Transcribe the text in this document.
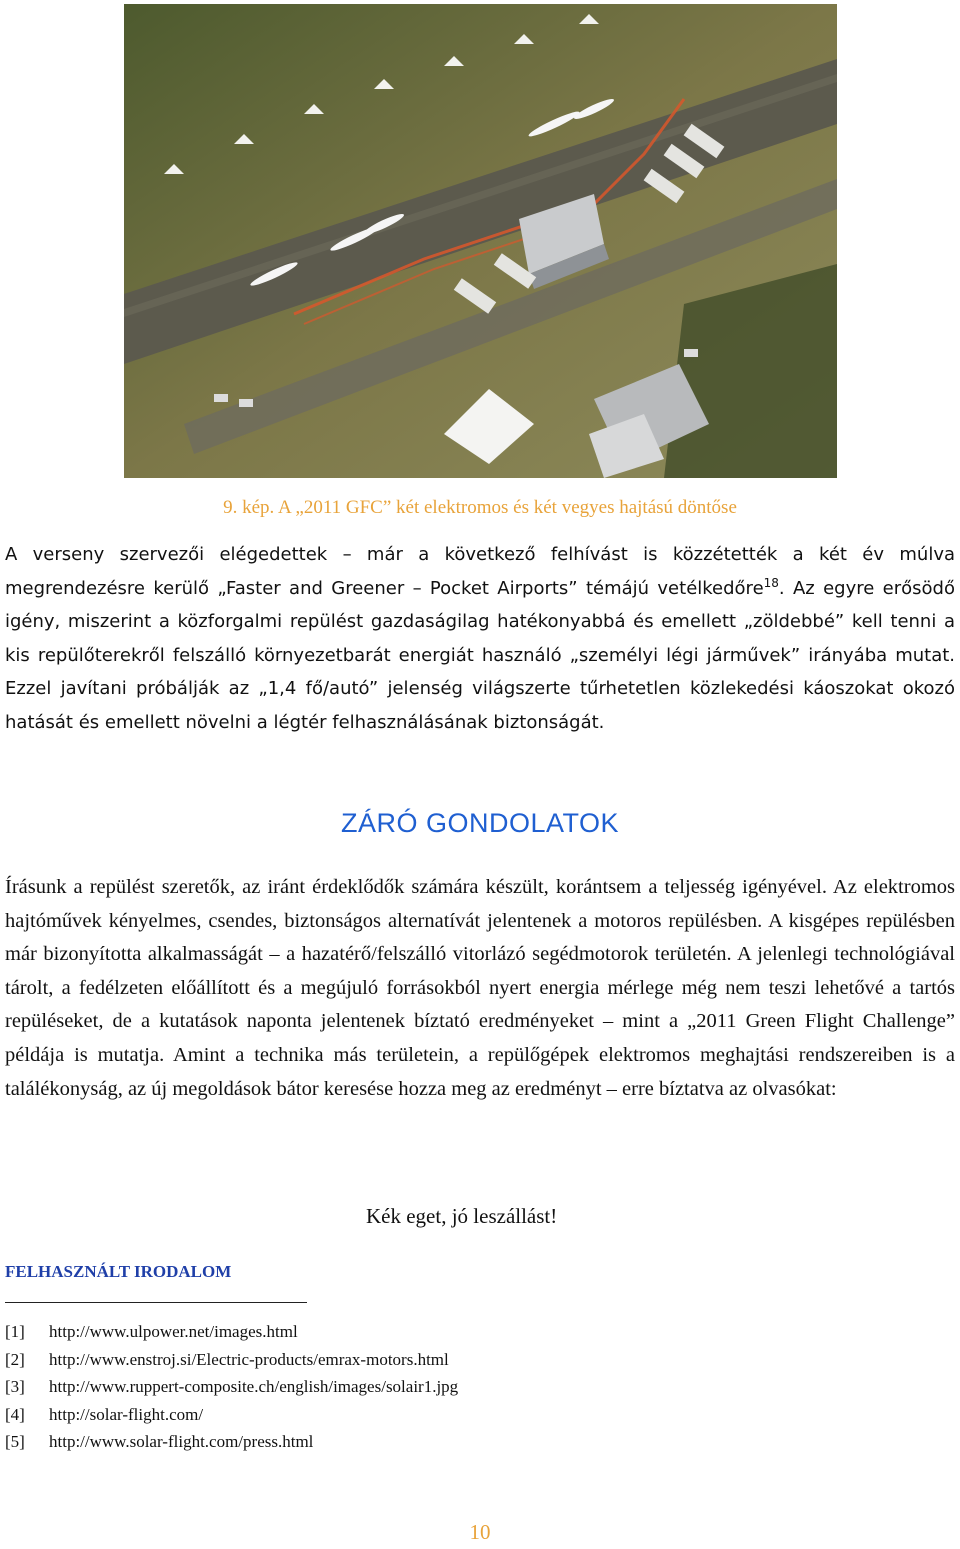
9. kép. A „2011 GFC” két elektromos és két vegyes hajtású döntőse

A verseny szervezői elégedettek – már a következő felhívást is közzétették a két év múlva megrendezésre kerülő „Faster and Greener – Pocket Airports” témájú vetélkedőre$^{18}$. Az egyre erősödő igény, miszerint a közforgalmi repülést gazdaságilag hatékonyabbá és emellett „zöldebbé” kell tenni a kis repülőterekről felszálló környezetbarát energiát használó „személyi légi járművek” irányába mutat. Ezzel javítani próbálják az „1,4 fő/autó” jelenség világszerte tűrhetetlen közlekedési káoszokat okozó hatását és emellett növelni a légtér felhasználásának biztonságát.

ZÁRÓ GONDOLATOK

Írásunk a repülést szeretők, az iránt érdeklődők számára készült, korántsem a teljesség igényével. Az elektromos hajtóművek kényelmes, csendes, biztonságos alternatívát jelentenek a motoros repülésben. A kisgépes repülésben már bizonyította alkalmasságát – a hazatérő/felszálló vitorlázó segédmotorok területén. A jelenlegi technológiával tárolt, a fedélzeten előállított és a megújuló forrásokból nyert energia mérlege még nem teszi lehetővé a tartós repüléseket, de a kutatások naponta jelentenek bíztató eredményeket – mint a „2011 Green Flight Challenge” példája is mutatja. Amint a technika más területein, a repülőgépek elektromos meghajtási rendszereiben is a találékonyság, az új megoldások bátor keresése hozza meg az eredményt – erre bíztatva az olvasókat:

Kék eget, jó leszállást!
FELHASZNÁLT IRODALOM
[1]	http://www.ulpower.net/images.html
[2]	http://www.enstroj.si/Electric-products/emrax-motors.html
[3]	http://www.ruppert-composite.ch/english/images/solair1.jpg
[4]	http://solar-flight.com/
[5]	http://www.solar-flight.com/press.html
10
